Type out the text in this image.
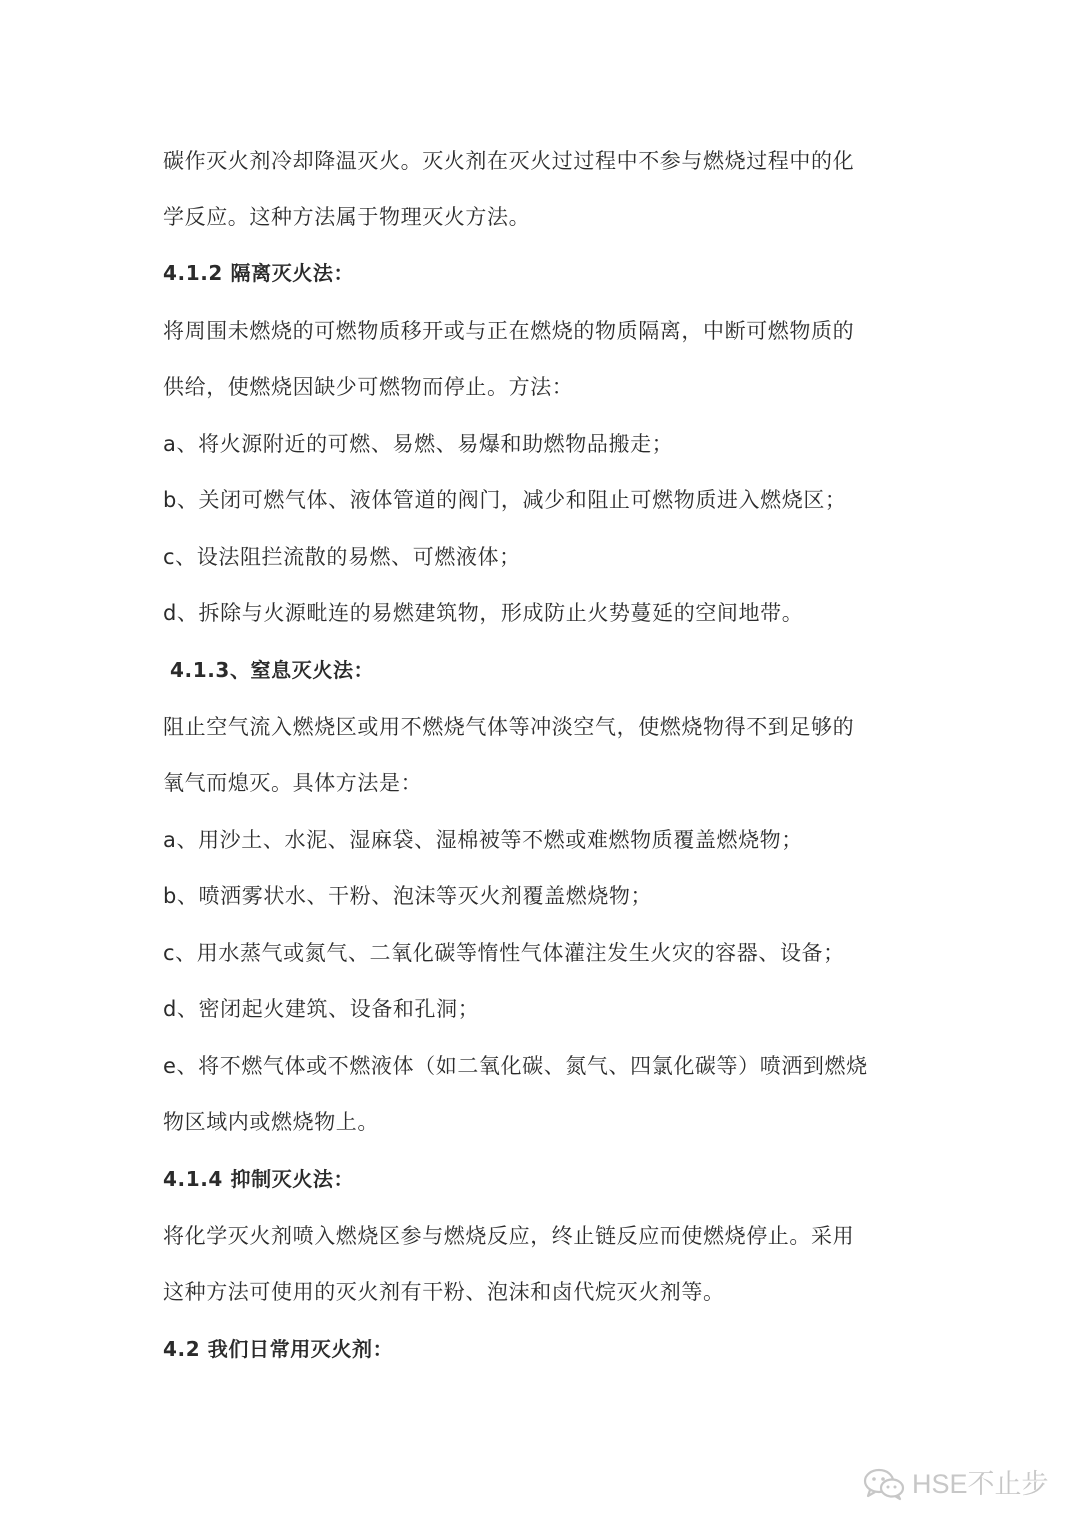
碳作灭火剂冷却降温灭火。灭火剂在灭火过过程中不参与燃烧过程中的化
学反应。这种方法属于物理灭火方法。
4.1.2 隔离灭火法：
将周围未燃烧的可燃物质移开或与正在燃烧的物质隔离，中断可燃物质的
供给，使燃烧因缺少可燃物而停止。方法：
a、将火源附近的可燃、易燃、易爆和助燃物品搬走；
b、关闭可燃气体、液体管道的阀门，减少和阻止可燃物质进入燃烧区；
c、设法阻拦流散的易燃、可燃液体；
d、拆除与火源毗连的易燃建筑物，形成防止火势蔓延的空间地带。
4.1.3、窒息灭火法：
阻止空气流入燃烧区或用不燃烧气体等冲淡空气，使燃烧物得不到足够的
氧气而熄灭。具体方法是：
a、用沙土、水泥、湿麻袋、湿棉被等不燃或难燃物质覆盖燃烧物；
b、喷洒雾状水、干粉、泡沫等灭火剂覆盖燃烧物；
c、用水蒸气或氮气、二氧化碳等惰性气体灌注发生火灾的容器、设备；
d、密闭起火建筑、设备和孔洞；
e、将不燃气体或不燃液体（如二氧化碳、氮气、四氯化碳等）喷洒到燃烧
物区域内或燃烧物上。
4.1.4 抑制灭火法：
将化学灭火剂喷入燃烧区参与燃烧反应，终止链反应而使燃烧停止。采用
这种方法可使用的灭火剂有干粉、泡沫和卤代烷灭火剂等。
4.2 我们日常用灭火剂：
HSE不止步
